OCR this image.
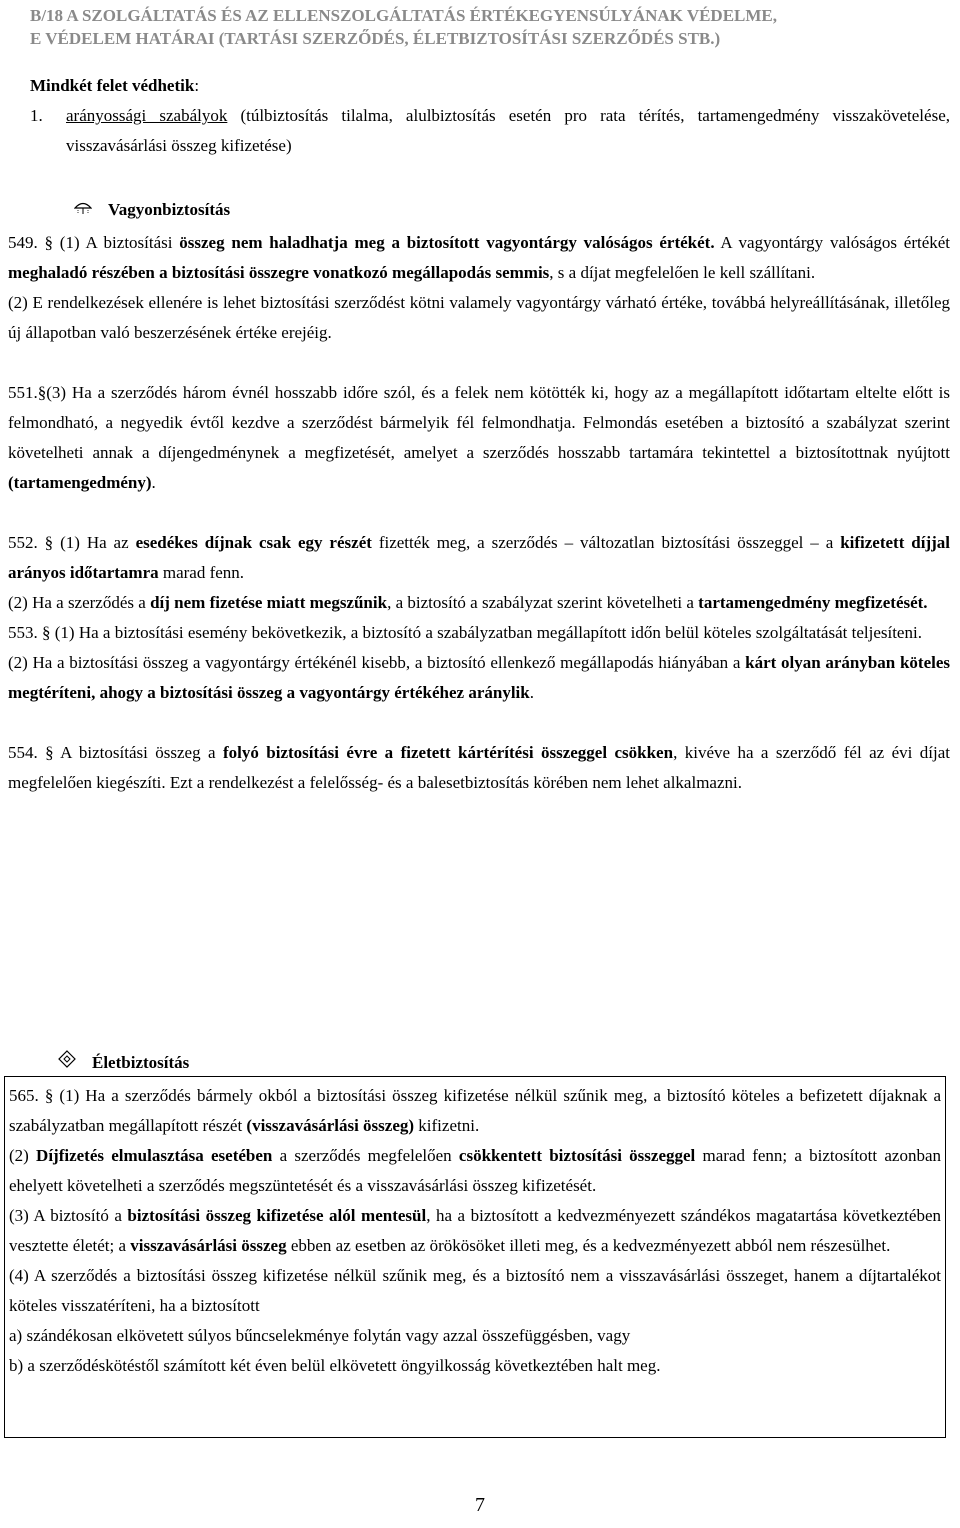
B/18 A SZOLGÁLTATÁS ÉS AZ ELLENSZOLGÁLTATÁS ÉRTÉKEGYENSÚLYÁNAK VÉDELME,
E VÉDELEM HATÁRAI (TARTÁSI SZERZŐDÉS, ÉLETBIZTOSÍTÁSI SZERZŐDÉS STB.)

Mindkét felet védhetik:

1.	arányossági szabályok (túlbiztosítás tilalma, alulbiztosítás esetén pro rata térítés, tartamengedmény visszakövetelése, visszavásárlási összeg kifizetése)
Vagyonbiztosítás

549. § (1) A biztosítási összeg nem haladhatja meg a biztosított vagyontárgy valóságos értékét. A vagyontárgy valóságos értékét meghaladó részében a biztosítási összegre vonatkozó megállapodás semmis, s a díjat megfelelően le kell szállítani.

(2) E rendelkezések ellenére is lehet biztosítási szerződést kötni valamely vagyontárgy várható értéke, továbbá helyreállításának, illetőleg új állapotban való beszerzésének értéke erejéig.

551.§(3) Ha a szerződés három évnél hosszabb időre szól, és a felek nem kötötték ki, hogy az a megállapított időtartam eltelte előtt is felmondható, a negyedik évtől kezdve a szerződést bármelyik fél felmondhatja. Felmondás esetében a biztosító a szabályzat szerint követelheti annak a díjengedménynek a megfizetését, amelyet a szerződés hosszabb tartamára tekintettel a biztosítottnak nyújtott (tartamengedmény).

552. § (1) Ha az esedékes díjnak csak egy részét fizették meg, a szerződés – változatlan biztosítási összeggel – a kifizetett díjjal arányos időtartamra marad fenn.

(2) Ha a szerződés a díj nem fizetése miatt megszűnik, a biztosító a szabályzat szerint követelheti a tartamengedmény megfizetését.

553. § (1) Ha a biztosítási esemény bekövetkezik, a biztosító a szabályzatban megállapított időn belül köteles szolgáltatását teljesíteni.

(2) Ha a biztosítási összeg a vagyontárgy értékénél kisebb, a biztosító ellenkező megállapodás hiányában a kárt olyan arányban köteles megtéríteni, ahogy a biztosítási összeg a vagyontárgy értékéhez aránylik.

554. § A biztosítási összeg a folyó biztosítási évre a fizetett kártérítési összeggel csökken, kivéve ha a szerződő fél az évi díjat megfelelően kiegészíti. Ezt a rendelkezést a felelősség- és a balesetbiztosítás körében nem lehet alkalmazni.

Életbiztosítás

565. § (1) Ha a szerződés bármely okból a biztosítási összeg kifizetése nélkül szűnik meg, a biztosító köteles a befizetett díjaknak a szabályzatban megállapított részét (visszavásárlási összeg) kifizetni.

(2) Díjfizetés elmulasztása esetében a szerződés megfelelően csökkentett biztosítási összeggel marad fenn; a biztosított azonban ehelyett követelheti a szerződés megszüntetését és a visszavásárlási összeg kifizetését.

(3) A biztosító a biztosítási összeg kifizetése alól mentesül, ha a biztosított a kedvezményezett szándékos magatartása következtében vesztette életét; a visszavásárlási összeg ebben az esetben az örökösöket illeti meg, és a kedvezményezett abból nem részesülhet.

(4) A szerződés a biztosítási összeg kifizetése nélkül szűnik meg, és a biztosító nem a visszavásárlási összeget, hanem a díjtartalékot köteles visszatéríteni, ha a biztosított

a) szándékosan elkövetett súlyos bűncselekménye folytán vagy azzal összefüggésben, vagy

b) a szerződéskötéstől számított két éven belül elkövetett öngyilkosság következtében halt meg.

7
